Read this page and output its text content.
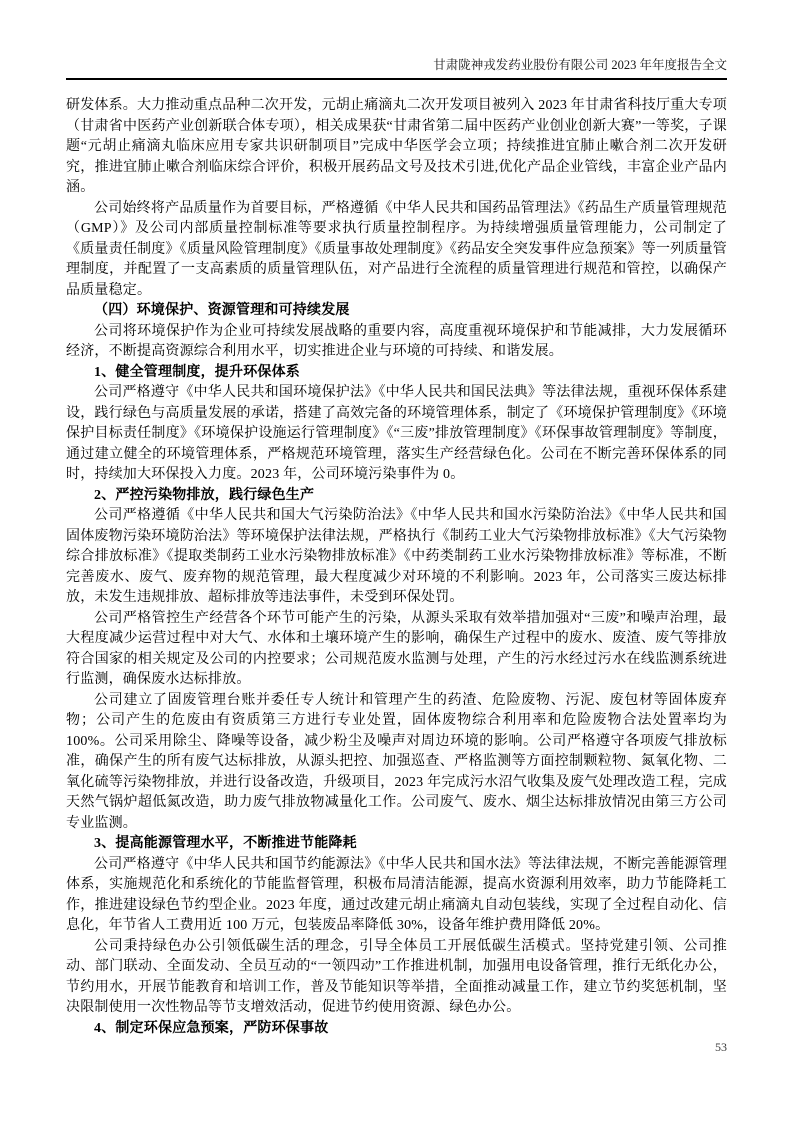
甘肃陇神戎发药业股份有限公司 2023 年年度报告全文

研发体系。大力推动重点品种二次开发，元胡止痛滴丸二次开发项目被列入 2023 年甘肃省科技厅重大专项（甘肃省中医药产业创新联合体专项），相关成果获“甘肃省第二届中医药产业创业创新大赛”一等奖，子课题“元胡止痛滴丸临床应用专家共识研制项目”完成中华医学会立项；持续推进宜肺止嗽合剂二次开发研究，推进宜肺止嗽合剂临床综合评价，积极开展药品文号及技术引进,优化产品企业管线，丰富企业产品内涵。

公司始终将产品质量作为首要目标，严格遵循《中华人民共和国药品管理法》《药品生产质量管理规范（GMP）》及公司内部质量控制标准等要求执行质量控制程序。为持续增强质量管理能力，公司制定了《质量责任制度》《质量风险管理制度》《质量事故处理制度》《药品安全突发事件应急预案》等一列质量管理制度，并配置了一支高素质的质量管理队伍，对产品进行全流程的质量管理进行规范和管控，以确保产品质量稳定。

（四）环境保护、资源管理和可持续发展

公司将环境保护作为企业可持续发展战略的重要内容，高度重视环境保护和节能减排，大力发展循环经济，不断提高资源综合利用水平，切实推进企业与环境的可持续、和谐发展。

1、健全管理制度，提升环保体系

公司严格遵守《中华人民共和国环境保护法》《中华人民共和国民法典》等法律法规，重视环保体系建设，践行绿色与高质量发展的承诺，搭建了高效完备的环境管理体系，制定了《环境保护管理制度》《环境保护目标责任制度》《环境保护设施运行管理制度》《“三废”排放管理制度》《环保事故管理制度》等制度，通过建立健全的环境管理体系，严格规范环境管理，落实生产经营绿色化。公司在不断完善环保体系的同时，持续加大环保投入力度。2023 年，公司环境污染事件为 0。

2、严控污染物排放，践行绿色生产

公司严格遵循《中华人民共和国大气污染防治法》《中华人民共和国水污染防治法》《中华人民共和国固体废物污染环境防治法》等环境保护法律法规，严格执行《制药工业大气污染物排放标准》《大气污染物综合排放标准》《提取类制药工业水污染物排放标准》《中药类制药工业水污染物排放标准》等标准，不断完善废水、废气、废弃物的规范管理，最大程度减少对环境的不利影响。2023 年，公司落实三废达标排放，未发生违规排放、超标排放等违法事件，未受到环保处罚。

公司严格管控生产经营各个环节可能产生的污染，从源头采取有效举措加强对“三废”和噪声治理，最大程度减少运营过程中对大气、水体和土壤环境产生的影响，确保生产过程中的废水、废渣、废气等排放符合国家的相关规定及公司的内控要求；公司规范废水监测与处理，产生的污水经过污水在线监测系统进行监测，确保废水达标排放。

公司建立了固废管理台账并委任专人统计和管理产生的药渣、危险废物、污泥、废包材等固体废弃物；公司产生的危废由有资质第三方进行专业处置，固体废物综合利用率和危险废物合法处置率均为 100%。公司采用除尘、降噪等设备，减少粉尘及噪声对周边环境的影响。公司严格遵守各项废气排放标准，确保产生的所有废气达标排放，从源头把控、加强巡查、严格监测等方面控制颗粒物、氮氧化物、二氧化硫等污染物排放，并进行设备改造，升级项目，2023 年完成污水沼气收集及废气处理改造工程，完成天然气锅炉超低氮改造，助力废气排放物减量化工作。公司废气、废水、烟尘达标排放情况由第三方公司专业监测。

3、提高能源管理水平，不断推进节能降耗

公司严格遵守《中华人民共和国节约能源法》《中华人民共和国水法》等法律法规，不断完善能源管理体系，实施规范化和系统化的节能监督管理，积极布局清洁能源，提高水资源利用效率，助力节能降耗工作，推进建设绿色节约型企业。2023 年度，通过改建元胡止痛滴丸自动包装线，实现了全过程自动化、信息化，年节省人工费用近 100 万元，包装废品率降低 30%，设备年维护费用降低 20%。

公司秉持绿色办公引领低碳生活的理念，引导全体员工开展低碳生活模式。坚持党建引领、公司推动、部门联动、全面发动、全员互动的“一领四动”工作推进机制，加强用电设备管理，推行无纸化办公，节约用水，开展节能教育和培训工作，普及节能知识等举措，全面推动减量工作，建立节约奖惩机制，坚决限制使用一次性物品等节支增效活动，促进节约使用资源、绿色办公。

4、制定环保应急预案，严防环保事故

53
